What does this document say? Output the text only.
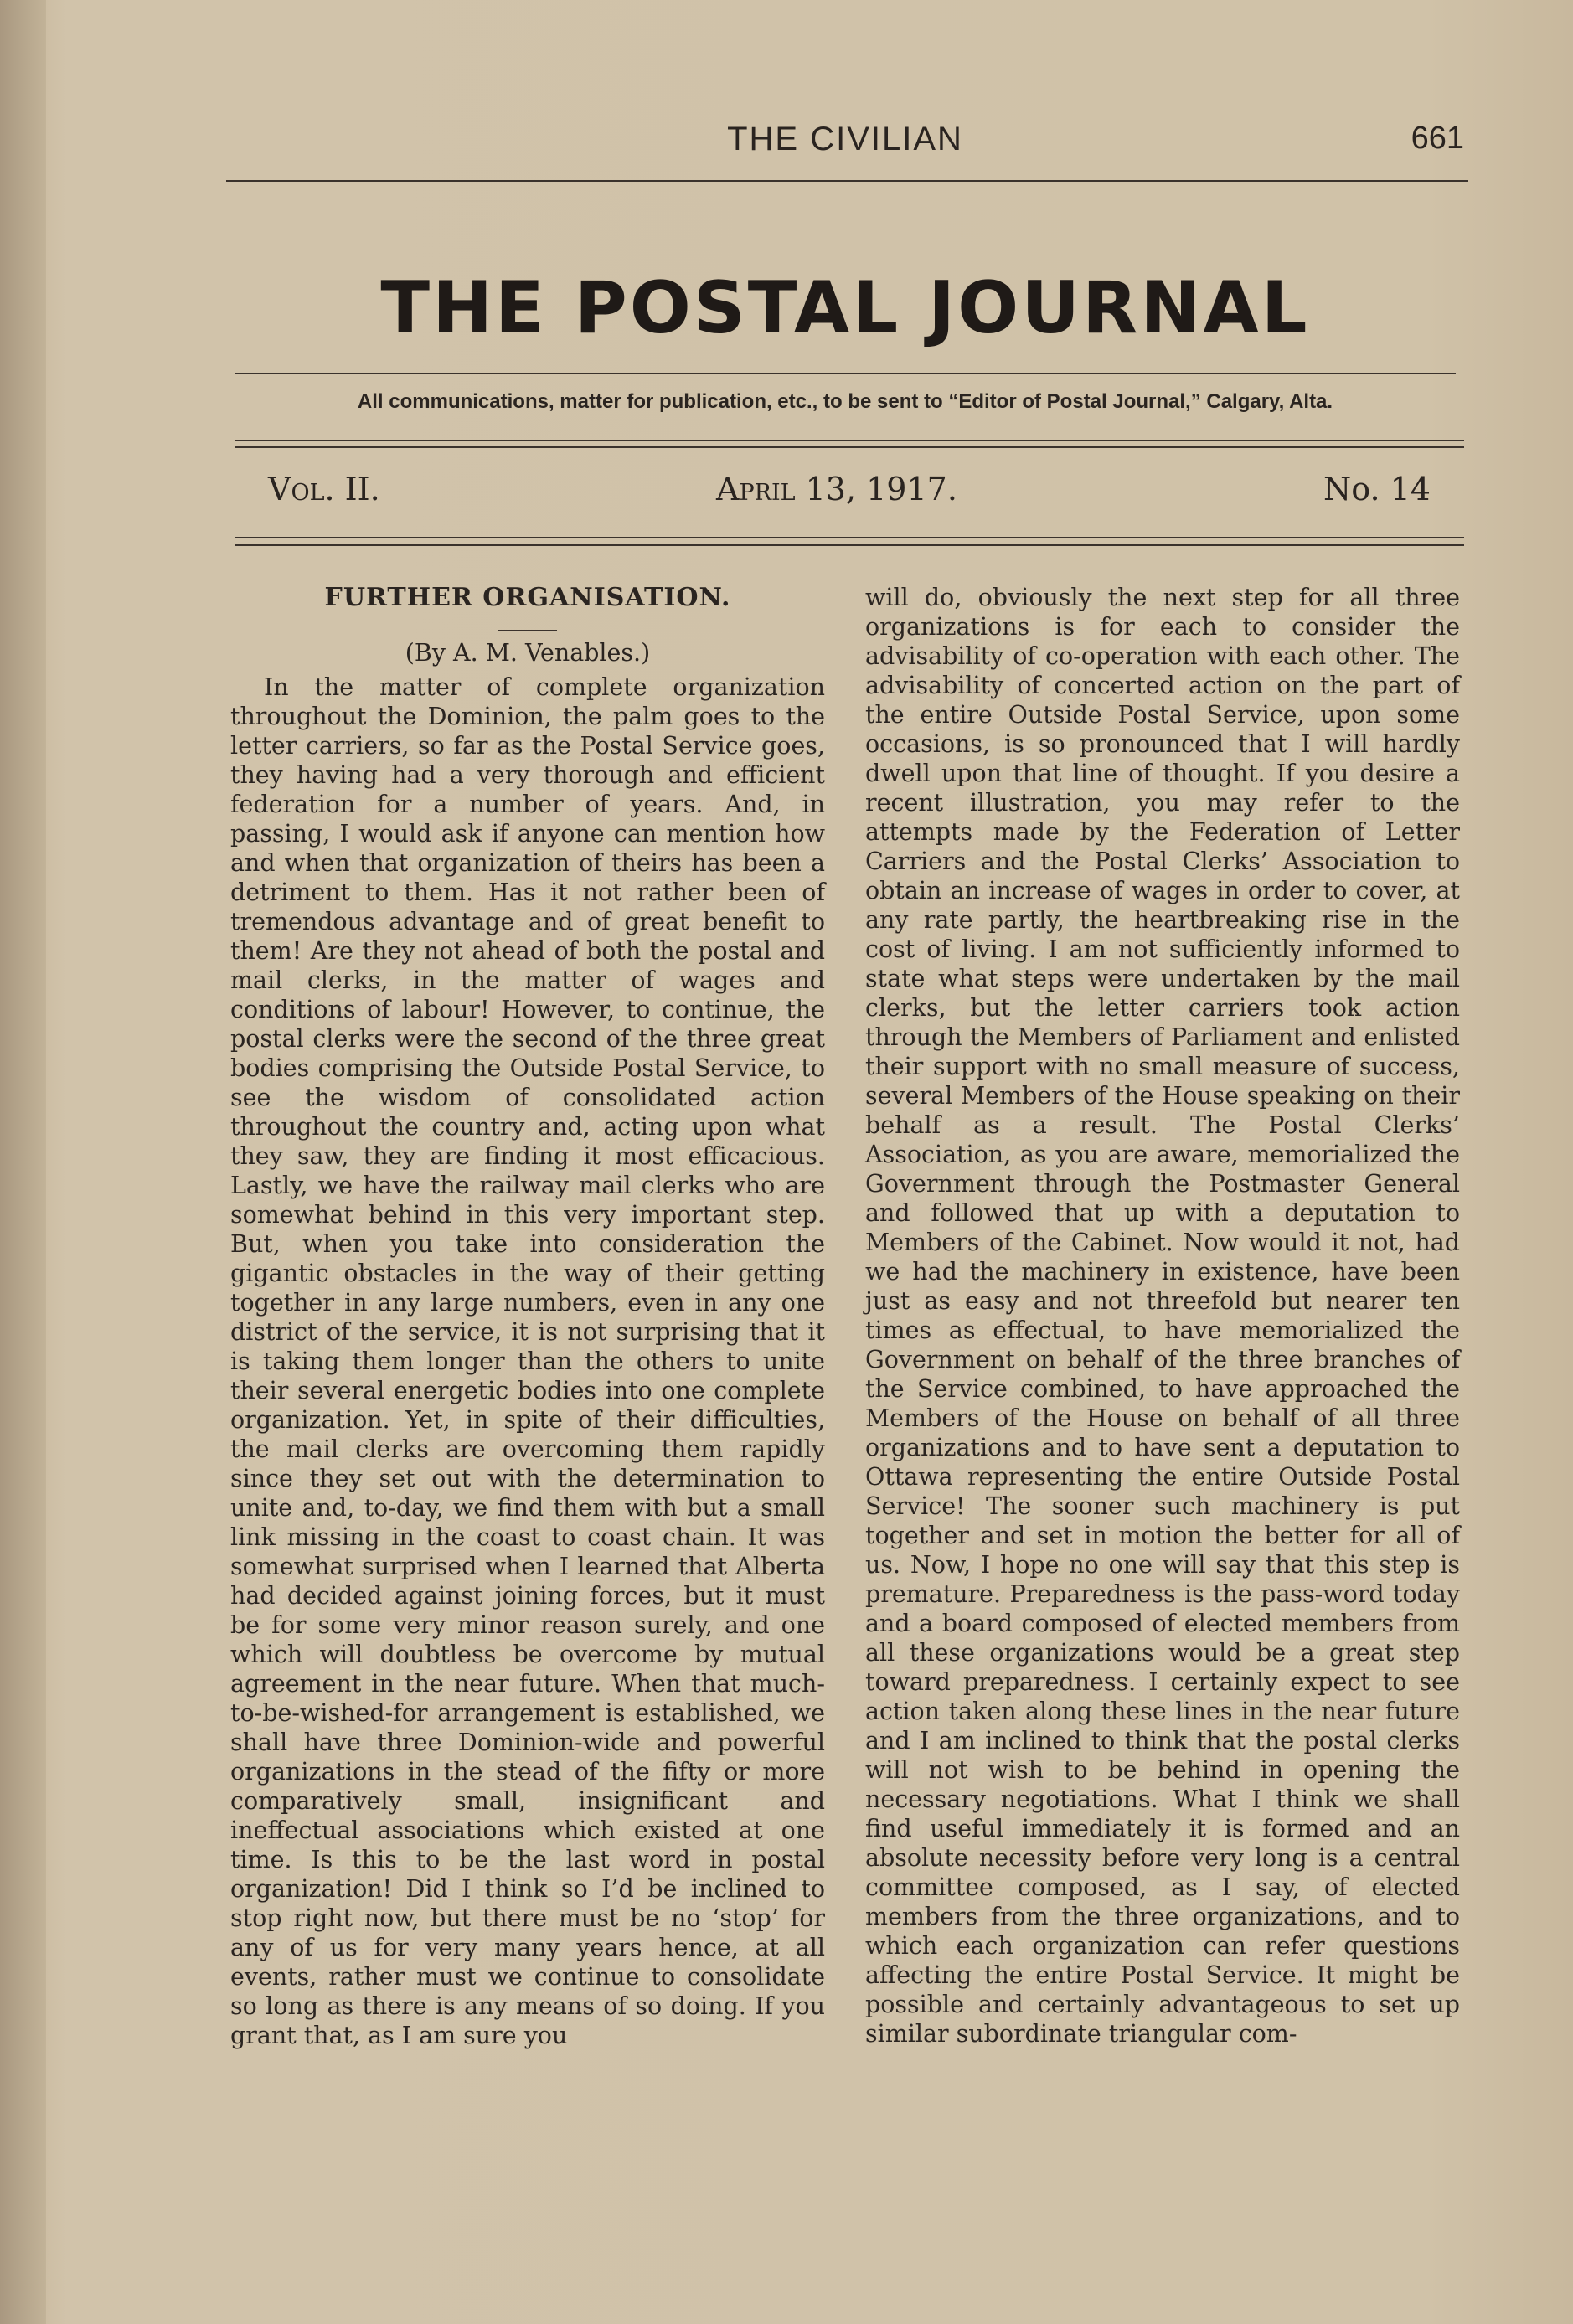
THE CIVILIAN	661
THE POSTAL JOURNAL
All communications, matter for publication, etc., to be sent to “Editor of Postal Journal,” Calgary, Alta.
Vol. II.	April 13, 1917.	No. 14
FURTHER ORGANISATION.
(By A. M. Venables.)

In the matter of complete organization throughout the Dominion, the palm goes to the letter carriers, so far as the Postal Service goes, they having had a very thorough and efficient federation for a number of years. And, in passing, I would ask if anyone can mention how and when that organization of theirs has been a detriment to them. Has it not rather been of tremendous advantage and of great benefit to them! Are they not ahead of both the postal and mail clerks, in the matter of wages and conditions of labour! However, to continue, the postal clerks were the second of the three great bodies comprising the Outside Postal Service, to see the wisdom of consolidated action throughout the country and, acting upon what they saw, they are finding it most efficacious. Lastly, we have the railway mail clerks who are somewhat behind in this very important step. But, when you take into consideration the gigantic obstacles in the way of their getting together in any large numbers, even in any one district of the service, it is not surprising that it is taking them longer than the others to unite their several energetic bodies into one complete organization. Yet, in spite of their difficulties, the mail clerks are overcoming them rapidly since they set out with the determination to unite and, to-day, we find them with but a small link missing in the coast to coast chain. It was somewhat surprised when I learned that Alberta had decided against joining forces, but it must be for some very minor reason surely, and one which will doubtless be overcome by mutual agreement in the near future. When that much-to-be-wished-for arrangement is established, we shall have three Dominion-wide and powerful organizations in the stead of the fifty or more comparatively small, insignificant and ineffectual associations which existed at one time. Is this to be the last word in postal organization! Did I think so I’d be inclined to stop right now, but there must be no ‘stop’ for any of us for very many years hence, at all events, rather must we continue to consolidate so long as there is any means of so doing. If you grant that, as I am sure you

will do, obviously the next step for all three organizations is for each to consider the advisability of co-operation with each other. The advisability of concerted action on the part of the entire Outside Postal Service, upon some occasions, is so pronounced that I will hardly dwell upon that line of thought. If you desire a recent illustration, you may refer to the attempts made by the Federation of Letter Carriers and the Postal Clerks’ Association to obtain an increase of wages in order to cover, at any rate partly, the heartbreaking rise in the cost of living. I am not sufficiently informed to state what steps were undertaken by the mail clerks, but the letter carriers took action through the Members of Parliament and enlisted their support with no small measure of success, several Members of the House speaking on their behalf as a result. The Postal Clerks’ Association, as you are aware, memorialized the Government through the Postmaster General and followed that up with a deputation to Members of the Cabinet. Now would it not, had we had the machinery in existence, have been just as easy and not threefold but nearer ten times as effectual, to have memorialized the Government on behalf of the three branches of the Service combined, to have approached the Members of the House on behalf of all three organizations and to have sent a deputation to Ottawa representing the entire Outside Postal Service! The sooner such machinery is put together and set in motion the better for all of us. Now, I hope no one will say that this step is premature. Preparedness is the pass-word today and a board composed of elected members from all these organizations would be a great step toward preparedness. I certainly expect to see action taken along these lines in the near future and I am inclined to think that the postal clerks will not wish to be behind in opening the necessary negotiations. What I think we shall find useful immediately it is formed and an absolute necessity before very long is a central committee composed, as I say, of elected members from the three organizations, and to which each organization can refer questions affecting the entire Postal Service. It might be possible and certainly advantageous to set up similar subordinate triangular com-
